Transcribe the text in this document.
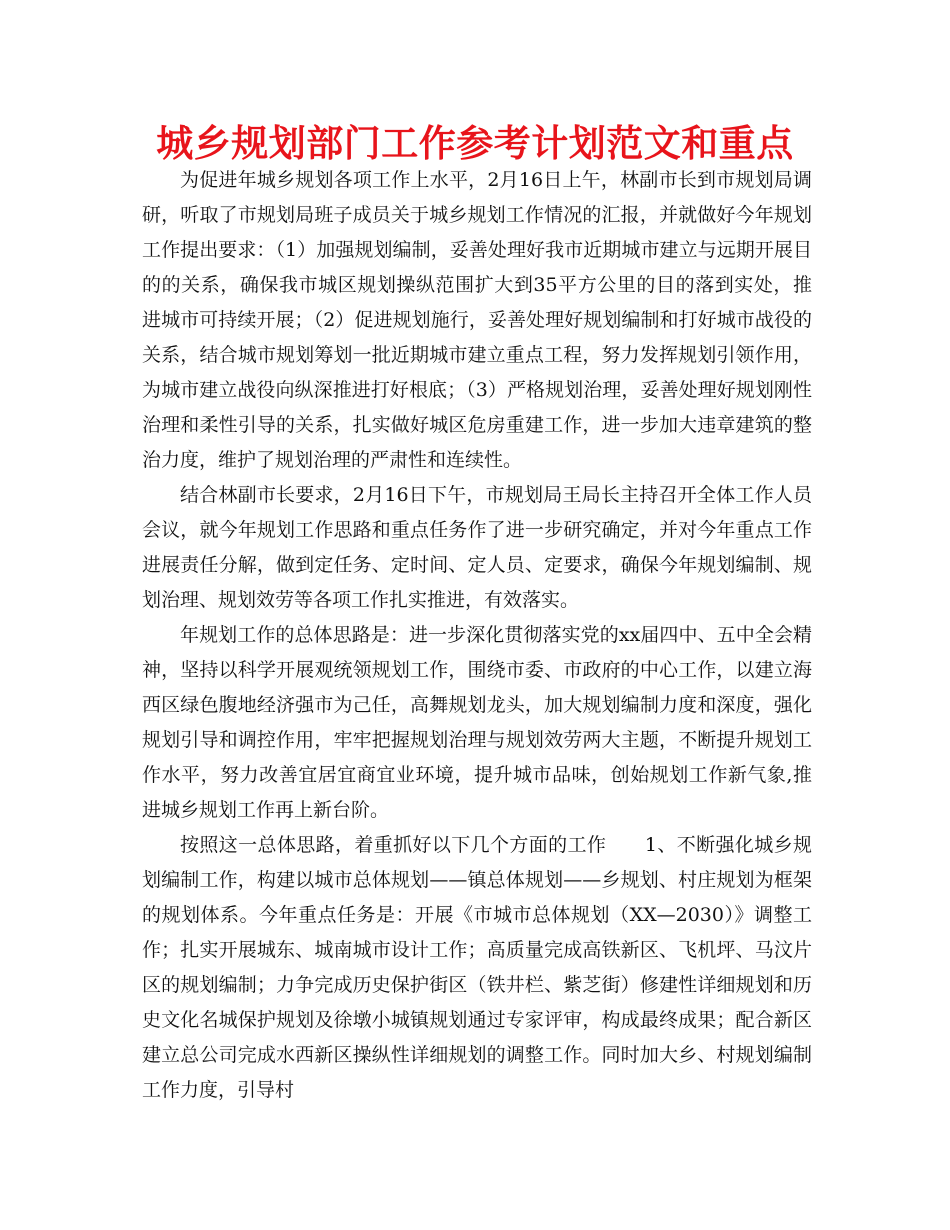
城乡规划部门工作参考计划范文和重点

为促进年城乡规划各项工作上水平，2月16日上午，林副市长到市规划局调研，听取了市规划局班子成员关于城乡规划工作情况的汇报，并就做好今年规划工作提出要求：（1）加强规划编制，妥善处理好我市近期城市建立与远期开展目的的关系，确保我市城区规划操纵范围扩大到35平方公里的目的落到实处，推进城市可持续开展；（2）促进规划施行，妥善处理好规划编制和打好城市战役的关系，结合城市规划筹划一批近期城市建立重点工程，努力发挥规划引领作用，为城市建立战役向纵深推进打好根底；（3）严格规划治理，妥善处理好规划刚性治理和柔性引导的关系，扎实做好城区危房重建工作，进一步加大违章建筑的整治力度，维护了规划治理的严肃性和连续性。

结合林副市长要求，2月16日下午，市规划局王局长主持召开全体工作人员会议，就今年规划工作思路和重点任务作了进一步研究确定，并对今年重点工作进展责任分解，做到定任务、定时间、定人员、定要求，确保今年规划编制、规划治理、规划效劳等各项工作扎实推进，有效落实。

年规划工作的总体思路是：进一步深化贯彻落实党的xx届四中、五中全会精神，坚持以科学开展观统领规划工作，围绕市委、市政府的中心工作，以建立海西区绿色腹地经济强市为己任，高舞规划龙头，加大规划编制力度和深度，强化规划引导和调控作用，牢牢把握规划治理与规划效劳两大主题，不断提升规划工作水平，努力改善宜居宜商宜业环境，提升城市品味，创始规划工作新气象,推进城乡规划工作再上新台阶。

按照这一总体思路，着重抓好以下几个方面的工作　　1、不断强化城乡规划编制工作，构建以城市总体规划——镇总体规划——乡规划、村庄规划为框架的规划体系。今年重点任务是：开展《市城市总体规划（XX—2030）》调整工作；扎实开展城东、城南城市设计工作；高质量完成高铁新区、飞机坪、马汶片区的规划编制；力争完成历史保护街区（铁井栏、紫芝街）修建性详细规划和历史文化名城保护规划及徐墩小城镇规划通过专家评审，构成最终成果；配合新区建立总公司完成水西新区操纵性详细规划的调整工作。同时加大乡、村规划编制工作力度，引导村
